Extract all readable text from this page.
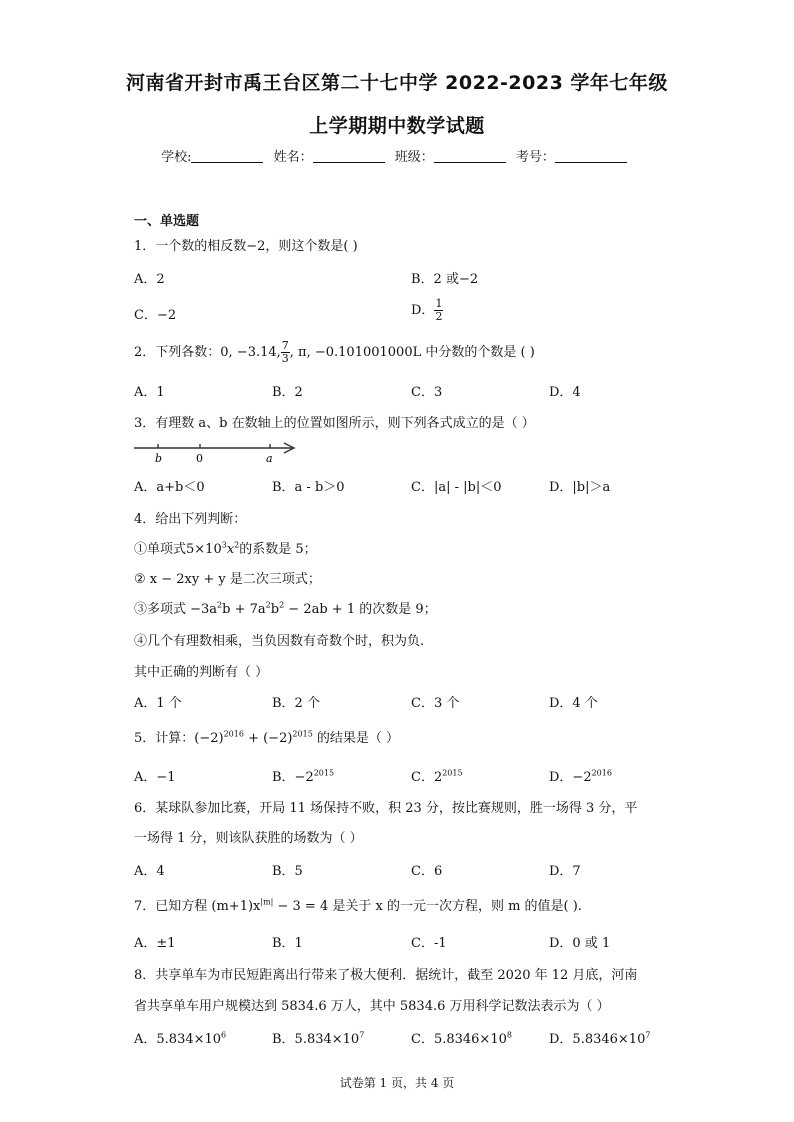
河南省开封市禹王台区第二十七中学 2022-2023 学年七年级
上学期期中数学试题
学校:	姓名：	班级：	考号：
一、单选题
1．一个数的相反数−2，则这个数是( )
A．2	B．2 或−2
C．−2	D． $\frac{1}{2}$
2．下列各数：0, −3.14, $\frac{7}{3}$ , π, −0.101001000L 中分数的个数是 ( )
A．1	B．2	C．3	D．4
3．有理数 a、b 在数轴上的位置如图所示，则下列各式成立的是（ ）
b	0	a
A．a+b＜0	B．a - b＞0	C．|a| - |b|＜0	D．|b|＞a
4．给出下列判断：
①单项式$5\times 10^3x^2$的系数是 5；
② x − 2xy + y 是二次三项式；
③多项式 $-3a^2b + 7a^2b^2 - 2ab + 1$ 的次数是 9；
④几个有理数相乘，当负因数有奇数个时，积为负.
其中正确的判断有（ ）
A．1 个	B．2 个	C．3 个	D．4 个
5．计算：$(-2)^{2016} + (-2)^{2015}$ 的结果是（ ）
A．−1	B．$-2^{2015}$	C．$2^{2015}$	D．$-2^{2016}$
6．某球队参加比赛，开局 11 场保持不败，积 23 分，按比赛规则，胜一场得 3 分，平
一场得 1 分，则该队获胜的场数为（ ）
A．4	B．5	C．6	D．7
7．已知方程 $(m+1)x^{|m|} - 3 = 4$ 是关于 x 的一元一次方程，则 m 的值是( ).
A．±1	B．1	C．-1	D．0 或 1
8．共享单车为市民短距离出行带来了极大便利．据统计，截至 2020 年 12 月底，河南
省共享单车用户规模达到 5834.6 万人，其中 5834.6 万用科学记数法表示为（ ）
A．$5.834\times 10^6$	B．$5.834\times 10^7$	C．$5.8346\times 10^8$	D．$5.8346\times 10^7$
试卷第 1 页，共 4 页
